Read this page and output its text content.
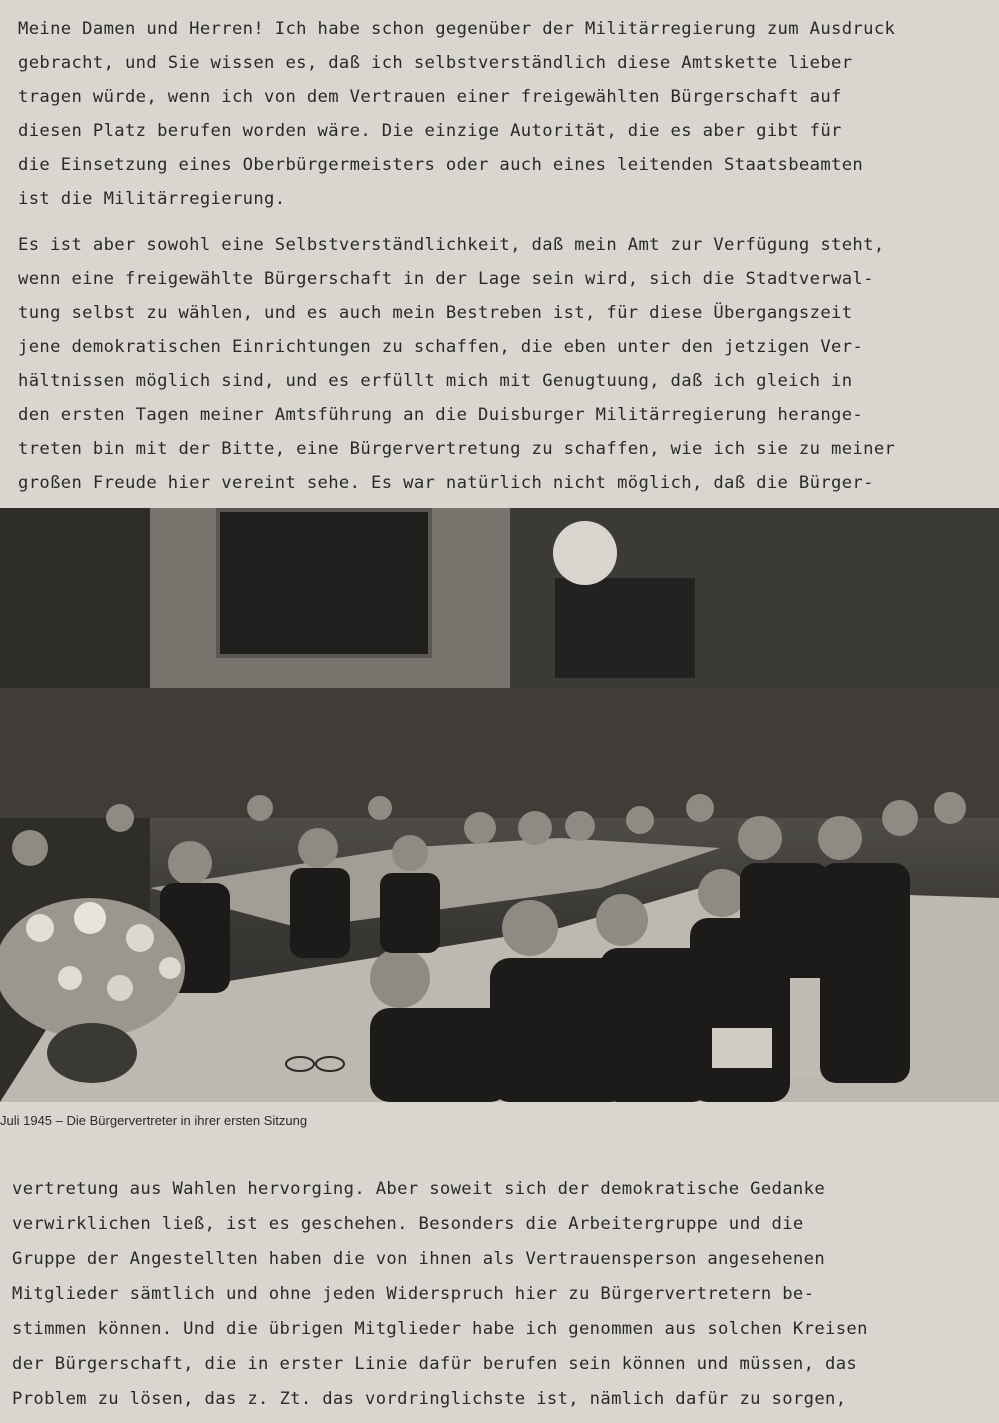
Meine Damen und Herren! Ich habe schon gegenüber der Militärregierung zum Ausdruck
gebracht, und Sie wissen es, daß ich selbstverständlich diese Amtskette lieber
tragen würde, wenn ich von dem Vertrauen einer freigewählten Bürgerschaft auf
diesen Platz berufen worden wäre. Die einzige Autorität, die es aber gibt für
die Einsetzung eines Oberbürgermeisters oder auch eines leitenden Staatsbeamten
ist die Militärregierung.
Es ist aber sowohl eine Selbstverständlichkeit, daß mein Amt zur Verfügung steht,
wenn eine freigewählte Bürgerschaft in der Lage sein wird, sich die Stadtverwal-
tung selbst zu wählen, und es auch mein Bestreben ist, für diese Übergangszeit
jene demokratischen Einrichtungen zu schaffen, die eben unter den jetzigen Ver-
hältnissen möglich sind, und es erfüllt mich mit Genugtuung, daß ich gleich in
den ersten Tagen meiner Amtsführung an die Duisburger Militärregierung herange-
treten bin mit der Bitte, eine Bürgervertretung zu schaffen, wie ich sie zu meiner
großen Freude hier vereint sehe. Es war natürlich nicht möglich, daß die Bürger-
Juli 1945 – Die Bürgervertreter in ihrer ersten Sitzung
vertretung aus Wahlen hervorging. Aber soweit sich der demokratische Gedanke
verwirklichen ließ, ist es geschehen. Besonders die Arbeitergruppe und die
Gruppe der Angestellten haben die von ihnen als Vertrauensperson angesehenen
Mitglieder sämtlich und ohne jeden Widerspruch hier zu Bürgervertretern be-
stimmen können. Und die übrigen Mitglieder habe ich genommen aus solchen Kreisen
der Bürgerschaft, die in erster Linie dafür berufen sein können und müssen, das
Problem zu lösen, das z. Zt. das vordringlichste ist, nämlich dafür zu sorgen,
